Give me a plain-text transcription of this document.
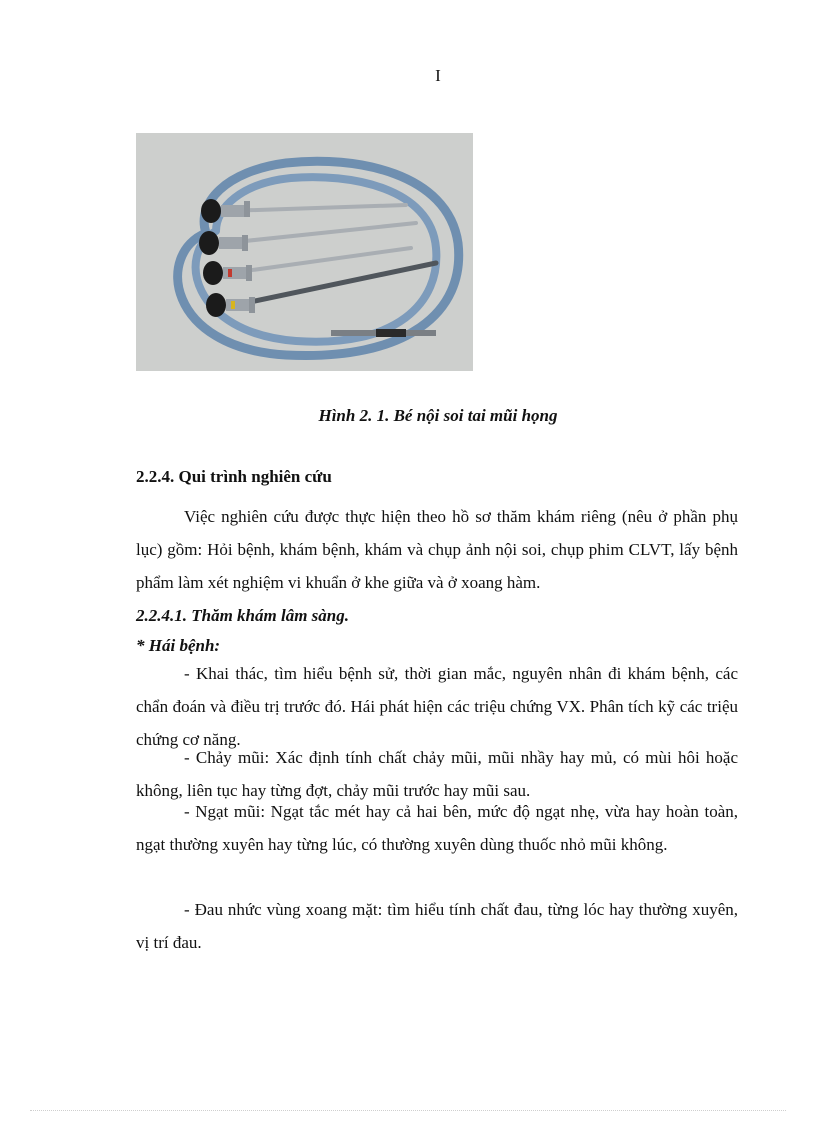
I
Hình 2. 1. Bé nội soi tai mũi họng
2.2.4. Qui trình nghiên cứu
Việc nghiên cứu được thực hiện theo hồ sơ thăm khám riêng (nêu ở phần phụ lục) gồm: Hỏi bệnh, khám bệnh, khám và chụp ảnh nội soi, chụp phim CLVT, lấy bệnh phẩm làm xét nghiệm vi khuẩn ở khe giữa và ở xoang hàm.
2.2.4.1. Thăm khám lâm sàng.
* Hái bệnh:
- Khai thác, tìm hiểu bệnh sử, thời gian mắc, nguyên nhân đi khám bệnh, các chẩn đoán và điều trị trước đó. Hái phát hiện các triệu chứng VX. Phân tích kỹ các triệu chứng cơ năng.
- Chảy mũi: Xác định tính chất chảy mũi, mũi nhầy hay mủ, có mùi hôi hoặc không, liên tục hay từng đợt, chảy mũi trước hay mũi sau.
- Ngạt mũi: Ngạt tắc mét hay cả hai bên, mức độ ngạt nhẹ, vừa hay hoàn toàn, ngạt thường xuyên hay từng lúc, có thường xuyên dùng thuốc nhỏ mũi không.
- Đau nhức vùng xoang mặt: tìm hiểu tính chất đau, từng lóc hay thường xuyên, vị trí đau.
